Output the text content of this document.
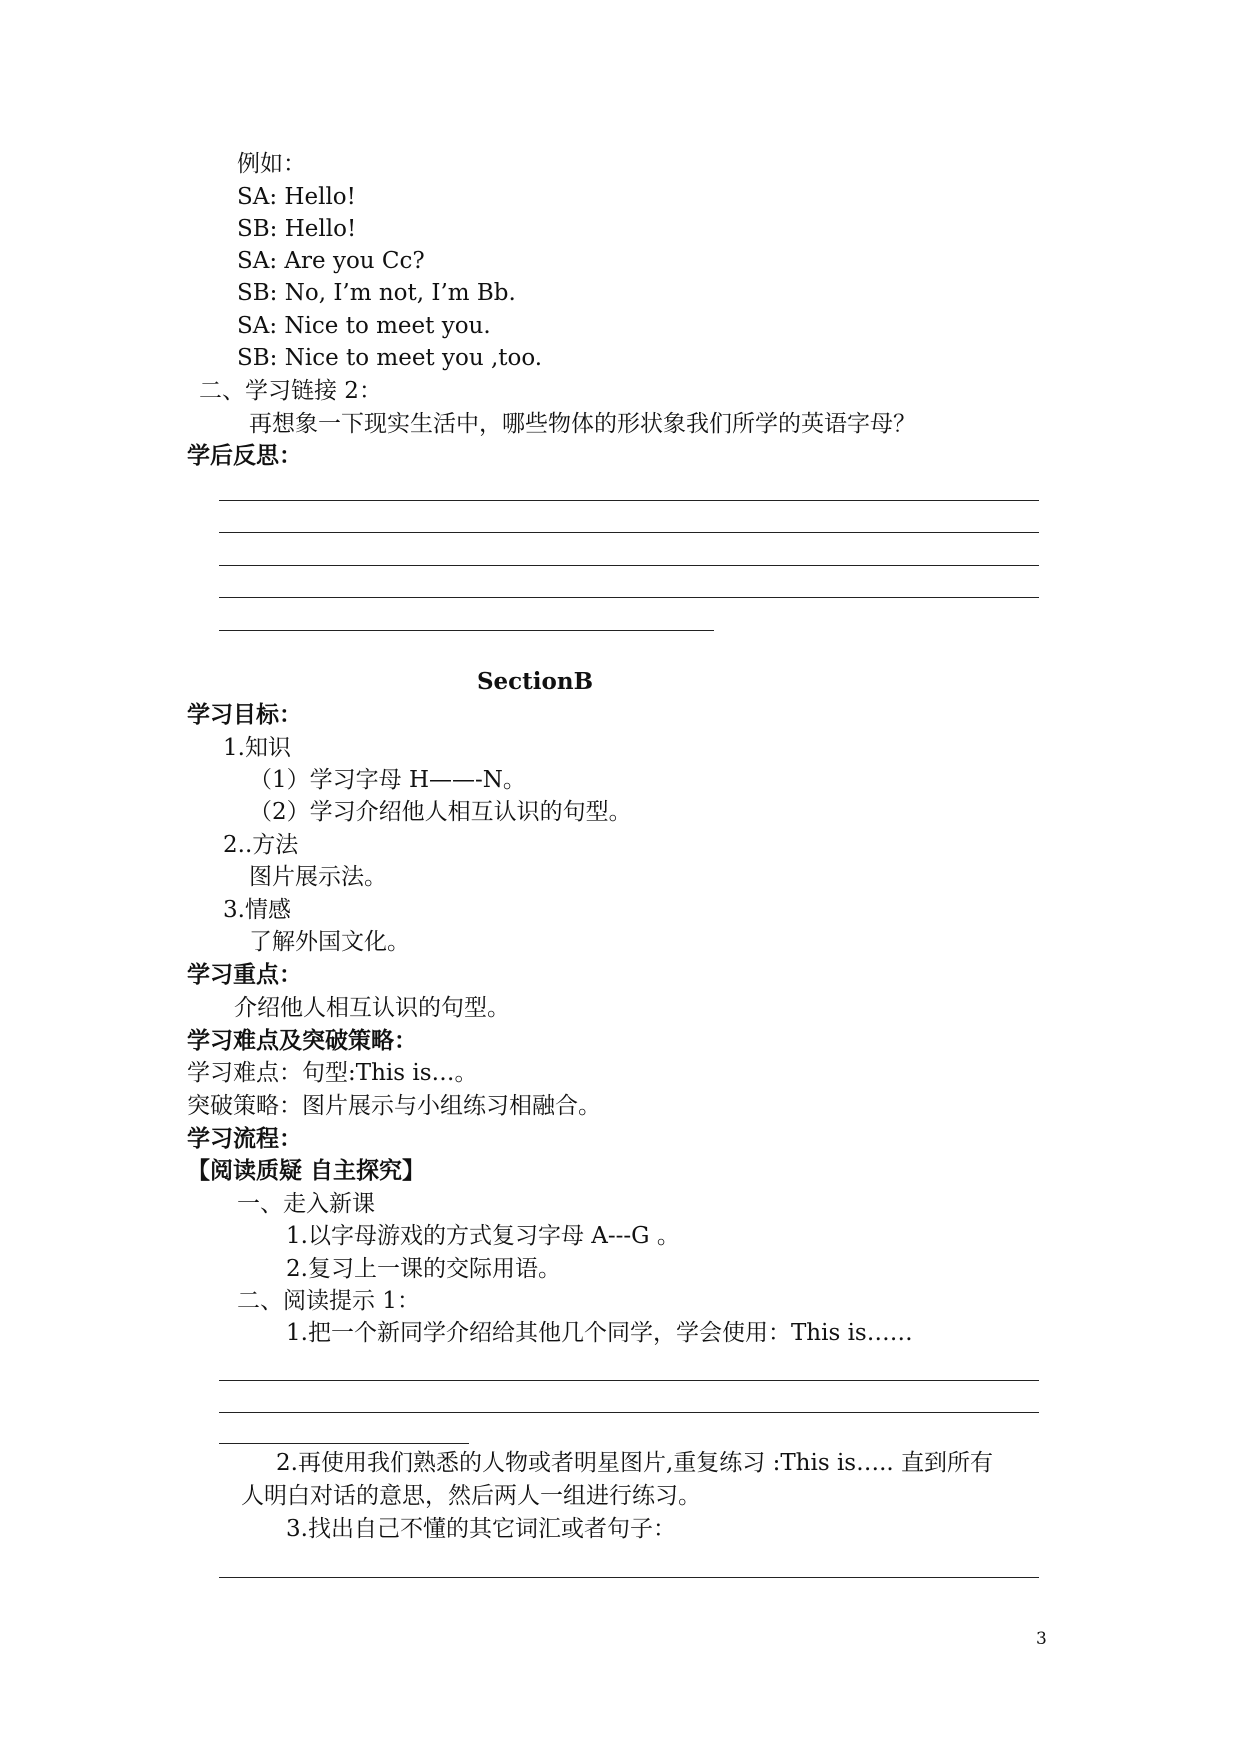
例如：
SA: Hello!
SB: Hello!
SA: Are you Cc?
SB: No, I’m not, I’m Bb.
SA: Nice to meet you.
SB: Nice to meet you ,too.
二、学习链接 2：
再想象一下现实生活中，哪些物体的形状象我们所学的英语字母？
学后反思：
SectionB
学习目标：
1.知识
（1）学习字母 H——-N。
（2）学习介绍他人相互认识的句型。
2..方法
图片展示法。
3.情感
了解外国文化。
学习重点：
介绍他人相互认识的句型。
学习难点及突破策略：
学习难点：句型:This is…。
突破策略：图片展示与小组练习相融合。
学习流程：
【阅读质疑 自主探究】
一、走入新课
1.以字母游戏的方式复习字母 A---G 。
2.复习上一课的交际用语。
二、阅读提示 1：
1.把一个新同学介绍给其他几个同学，学会使用：This is……
2.再使用我们熟悉的人物或者明星图片,重复练习 :This is….. 直到所有
人明白对话的意思，然后两人一组进行练习。
3.找出自己不懂的其它词汇或者句子：
3
